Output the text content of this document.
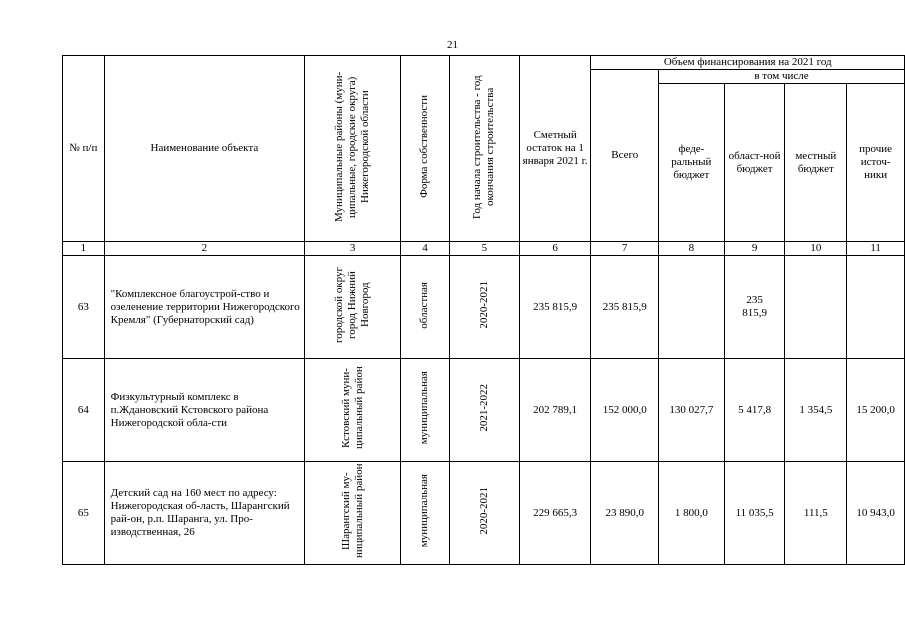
21
№ п/п	Наименование объекта	Муниципальные районы (муни-ципальные, городские округа) Нижегородской области	Форма собственности	Год начала строительства - год окончания строительства	Сметный остаток на 1 января 2021 г.	Объем финансирования на 2021 год				
						Всего	в том числе			
							феде-ральный бюджет	област-ной бюджет	местный бюджет	прочие источ-ники
1	2	3	4	5	6	7	8	9	10	11
63	"Комплексное благоустрой-ство и озеленение территории Нижегородского Кремля" (Губернаторский сад)	городской округ город Нижний Новгород	областная	2020-2021	235 815,9	235 815,9		235 815,9		
64	Физкультурный комплекс в п.Ждановский Кстовского района Нижегородской обла-сти	Кстовский муни-ципальный район	муниципальная	2021-2022	202 789,1	152 000,0	130 027,7	5 417,8	1 354,5	15 200,0
65	Детский сад на 160 мест по адресу: Нижегородская об-ласть, Шарангский рай-он, р.п. Шаранга, ул. Про-изводственная, 26	Шарангский му-ниципальный район	муниципальная	2020-2021	229 665,3	23 890,0	1 800,0	11 035,5	111,5	10 943,0
